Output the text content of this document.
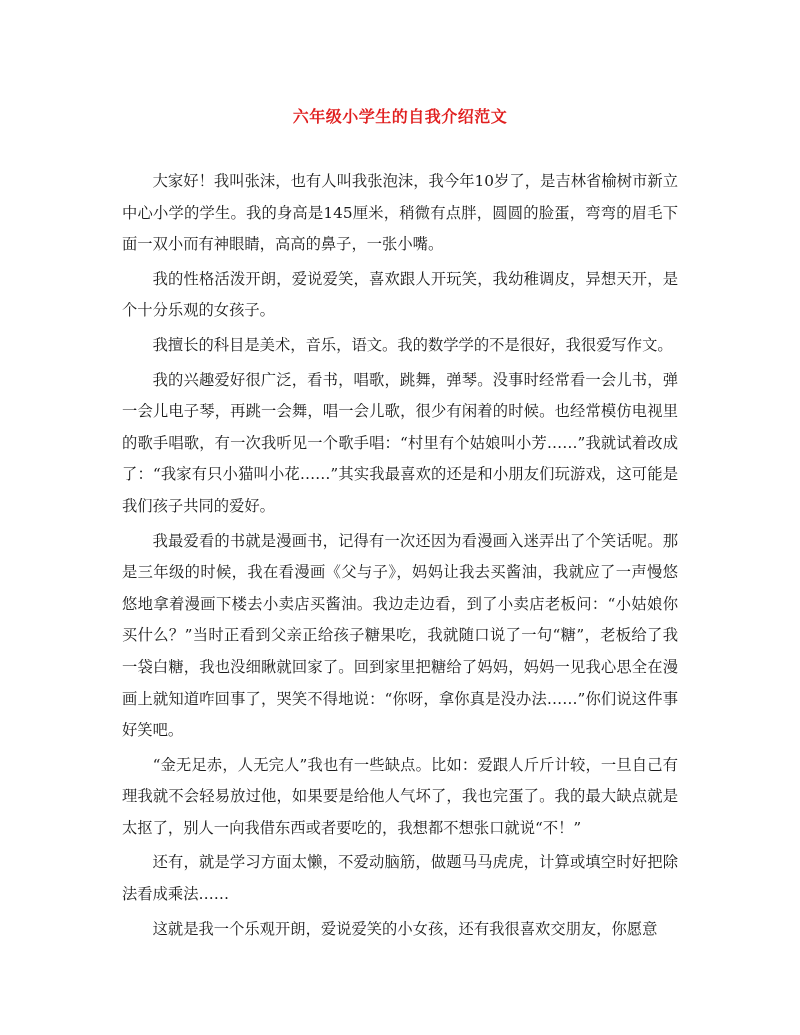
六年级小学生的自我介绍范文

大家好！我叫张沫，也有人叫我张泡沫，我今年10岁了，是吉林省榆树市新立中心小学的学生。我的身高是145厘米，稍微有点胖，圆圆的脸蛋，弯弯的眉毛下面一双小而有神眼睛，高高的鼻子，一张小嘴。

我的性格活泼开朗，爱说爱笑，喜欢跟人开玩笑，我幼稚调皮，异想天开，是个十分乐观的女孩子。

我擅长的科目是美术，音乐，语文。我的数学学的不是很好，我很爱写作文。

我的兴趣爱好很广泛，看书，唱歌，跳舞，弹琴。没事时经常看一会儿书，弹一会儿电子琴，再跳一会舞，唱一会儿歌，很少有闲着的时候。也经常模仿电视里的歌手唱歌，有一次我听见一个歌手唱：“村里有个姑娘叫小芳……”我就试着改成了：“我家有只小猫叫小花……”其实我最喜欢的还是和小朋友们玩游戏，这可能是我们孩子共同的爱好。

我最爱看的书就是漫画书，记得有一次还因为看漫画入迷弄出了个笑话呢。那是三年级的时候，我在看漫画《父与子》，妈妈让我去买酱油，我就应了一声慢悠悠地拿着漫画下楼去小卖店买酱油。我边走边看，到了小卖店老板问：“小姑娘你买什么？”当时正看到父亲正给孩子糖果吃，我就随口说了一句“糖”，老板给了我一袋白糖，我也没细瞅就回家了。回到家里把糖给了妈妈，妈妈一见我心思全在漫画上就知道咋回事了，哭笑不得地说：“你呀，拿你真是没办法……”你们说这件事好笑吧。

“金无足赤，人无完人”我也有一些缺点。比如：爱跟人斤斤计较，一旦自己有理我就不会轻易放过他，如果要是给他人气坏了，我也完蛋了。我的最大缺点就是太抠了，别人一向我借东西或者要吃的，我想都不想张口就说“不！”

还有，就是学习方面太懒，不爱动脑筋，做题马马虎虎，计算或填空时好把除法看成乘法……

这就是我一个乐观开朗，爱说爱笑的小女孩，还有我很喜欢交朋友，你愿意
